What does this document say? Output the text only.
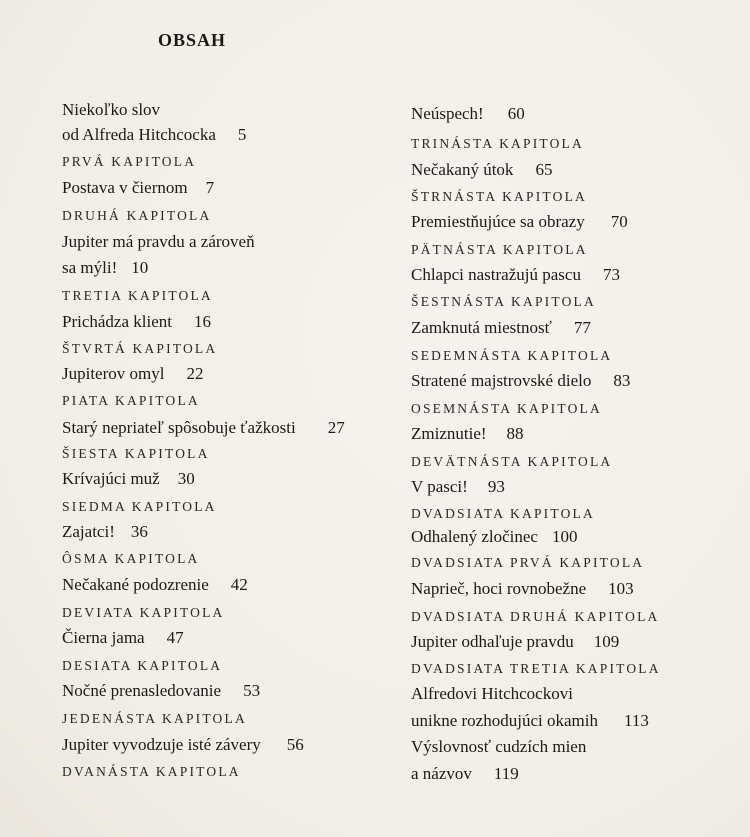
OBSAH
Niekoľko slov
od Alfreda Hitchcocka 5
PRVÁ KAPITOLA
Postava v čiernom 7
DRUHÁ KAPITOLA
Jupiter má pravdu a zároveň
sa mýli! 10
TRETIA KAPITOLA
Prichádza klient 16
ŠTVRTÁ KAPITOLA
Jupiterov omyl 22
PIATA KAPITOLA
Starý nepriateľ spôsobuje ťažkosti 27
ŠIESTA KAPITOLA
Krívajúci muž 30
SIEDMA KAPITOLA
Zajatci! 36
ÔSMA KAPITOLA
Nečakané podozrenie 42
DEVIATA KAPITOLA
Čierna jama 47
DESIATA KAPITOLA
Nočné prenasledovanie 53
JEDENÁSTA KAPITOLA
Jupiter vyvodzuje isté závery 56
DVANÁSTA KAPITOLA
Neúspech! 60
TRINÁSTA KAPITOLA
Nečakaný útok 65
ŠTRNÁSTA KAPITOLA
Premiestňujúce sa obrazy 70
PÄTNÁSTA KAPITOLA
Chlapci nastražujú pascu 73
ŠESTNÁSTA KAPITOLA
Zamknutá miestnosť 77
SEDEMNÁSTA KAPITOLA
Stratené majstrovské dielo 83
OSEMNÁSTA KAPITOLA
Zmiznutie! 88
DEVÄTNÁSTA KAPITOLA
V pasci! 93
DVADSIATA KAPITOLA
Odhalený zločinec 100
DVADSIATA PRVÁ KAPITOLA
Naprieč, hoci rovnobežne 103
DVADSIATA DRUHÁ KAPITOLA
Jupiter odhaľuje pravdu 109
DVADSIATA TRETIA KAPITOLA
Alfredovi Hitchcockovi
unikne rozhodujúci okamih 113
Výslovnosť cudzích mien
a názvov 119
